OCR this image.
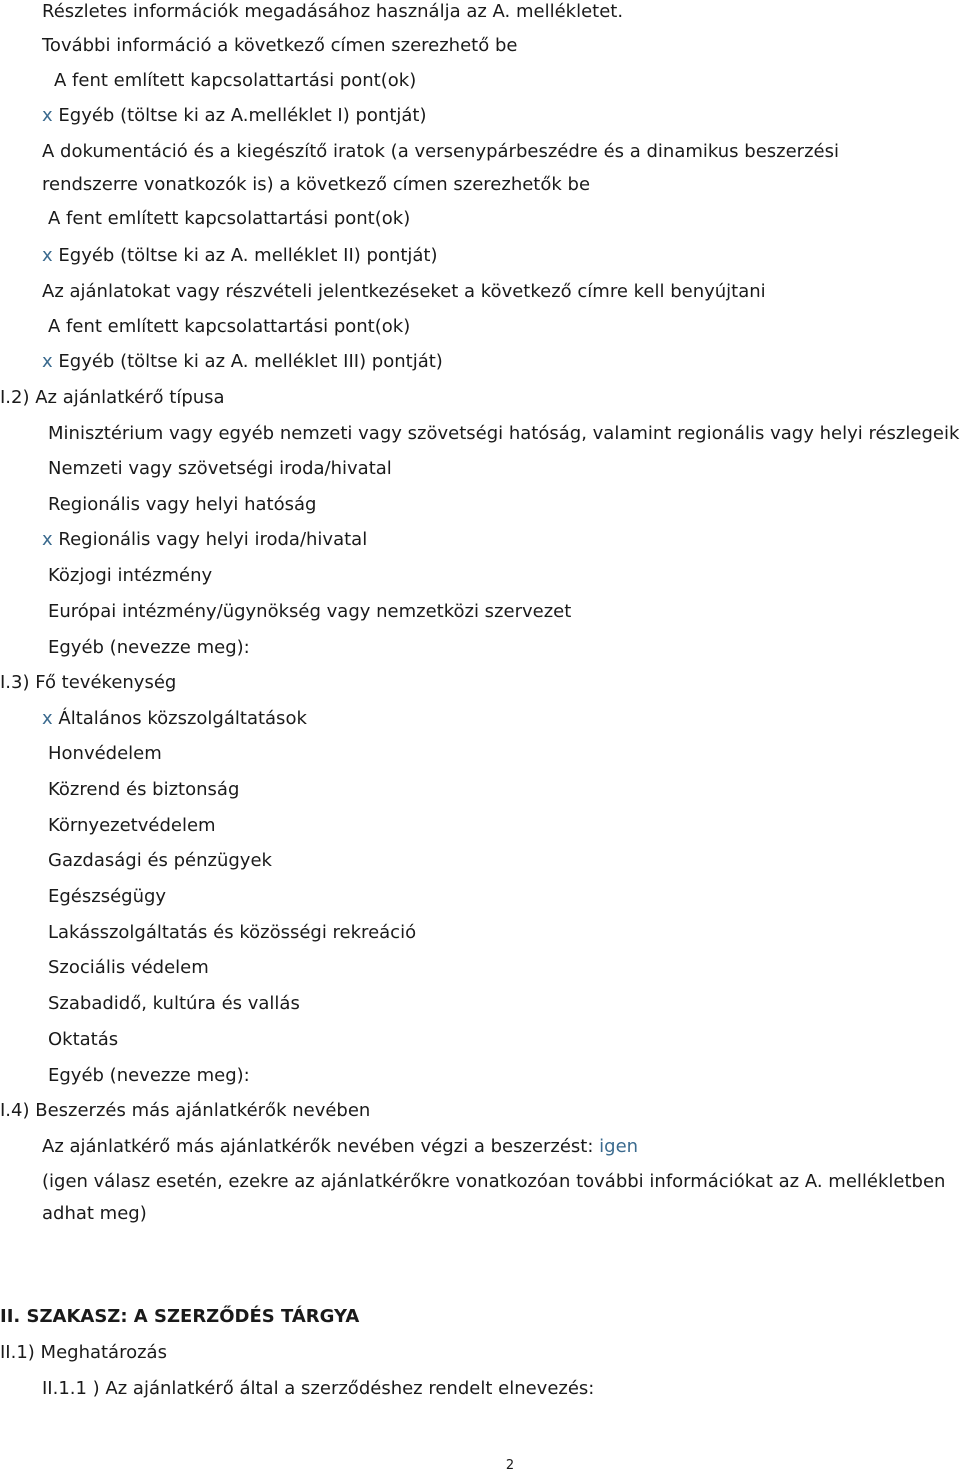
Részletes információk megadásához használja az A. mellékletet.
További információ a következő címen szerezhető be
A fent említett kapcsolattartási pont(ok)
x Egyéb (töltse ki az A.melléklet I) pontját)
A dokumentáció és a kiegészítő iratok (a versenypárbeszédre és a dinamikus beszerzési
rendszerre vonatkozók is) a következő címen szerezhetők be
A fent említett kapcsolattartási pont(ok)
x Egyéb (töltse ki az A. melléklet II) pontját)
Az ajánlatokat vagy részvételi jelentkezéseket a következő címre kell benyújtani
A fent említett kapcsolattartási pont(ok)
x Egyéb (töltse ki az A. melléklet III) pontját)
I.2) Az ajánlatkérő típusa
Minisztérium vagy egyéb nemzeti vagy szövetségi hatóság, valamint regionális vagy helyi részlegeik
Nemzeti vagy szövetségi iroda/hivatal
Regionális vagy helyi hatóság
x Regionális vagy helyi iroda/hivatal
Közjogi intézmény
Európai intézmény/ügynökség vagy nemzetközi szervezet
Egyéb (nevezze meg):
I.3) Fő tevékenység
x Általános közszolgáltatások
Honvédelem
Közrend és biztonság
Környezetvédelem
Gazdasági és pénzügyek
Egészségügy
Lakásszolgáltatás és közösségi rekreáció
Szociális védelem
Szabadidő, kultúra és vallás
Oktatás
Egyéb (nevezze meg):
I.4) Beszerzés más ajánlatkérők nevében
Az ajánlatkérő más ajánlatkérők nevében végzi a beszerzést: igen
(igen válasz esetén, ezekre az ajánlatkérőkre vonatkozóan további információkat az A. mellékletben
adhat meg)
II. SZAKASZ: A SZERZŐDÉS TÁRGYA
II.1) Meghatározás
II.1.1 ) Az ajánlatkérő által a szerződéshez rendelt elnevezés:
2
